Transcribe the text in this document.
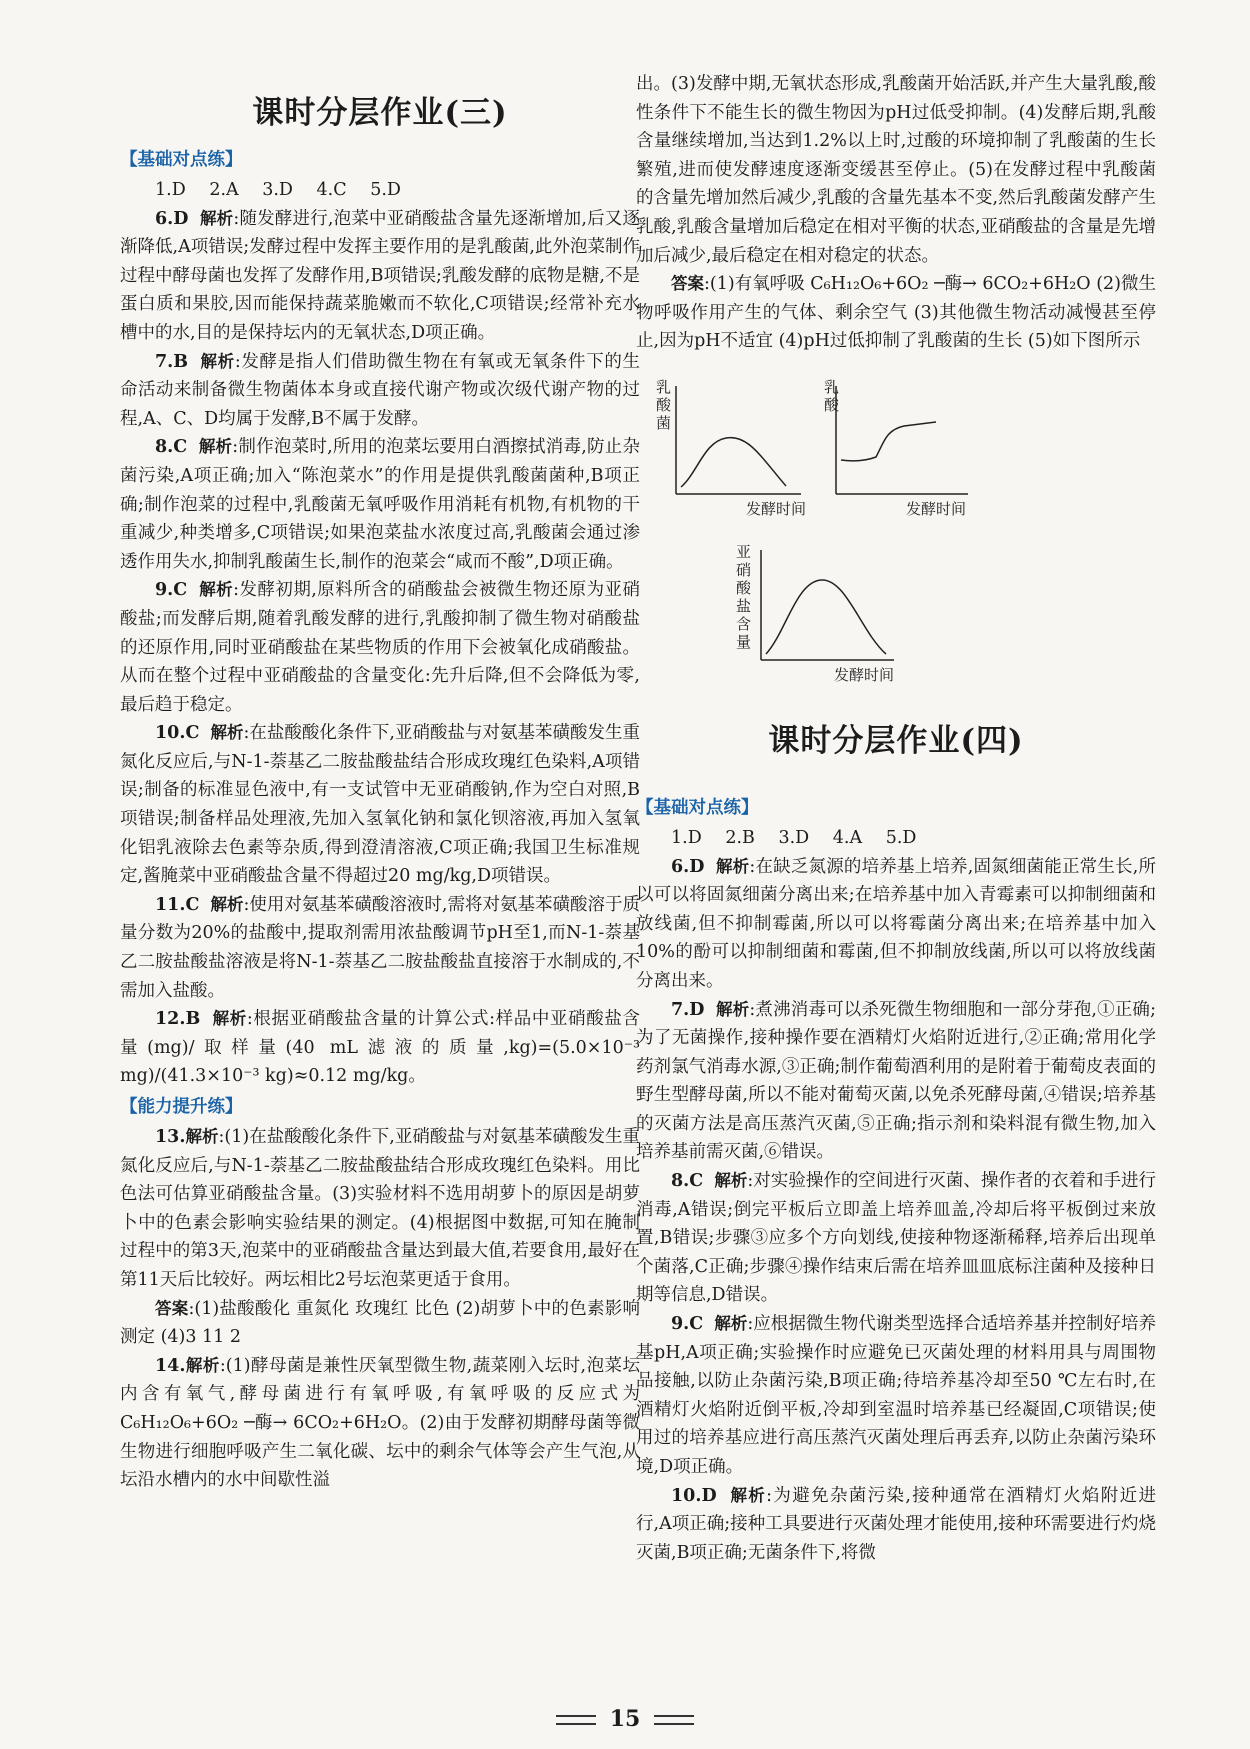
课时分层作业(三)
【基础对点练】

1.D 2.A 3.D 4.C 5.D

6.D 解析:随发酵进行,泡菜中亚硝酸盐含量先逐渐增加,后又逐渐降低,A项错误;发酵过程中发挥主要作用的是乳酸菌,此外泡菜制作过程中酵母菌也发挥了发酵作用,B项错误;乳酸发酵的底物是糖,不是蛋白质和果胶,因而能保持蔬菜脆嫩而不软化,C项错误;经常补充水槽中的水,目的是保持坛内的无氧状态,D项正确。

7.B 解析:发酵是指人们借助微生物在有氧或无氧条件下的生命活动来制备微生物菌体本身或直接代谢产物或次级代谢产物的过程,A、C、D均属于发酵,B不属于发酵。

8.C 解析:制作泡菜时,所用的泡菜坛要用白酒擦拭消毒,防止杂菌污染,A项正确;加入“陈泡菜水”的作用是提供乳酸菌菌种,B项正确;制作泡菜的过程中,乳酸菌无氧呼吸作用消耗有机物,有机物的干重减少,种类增多,C项错误;如果泡菜盐水浓度过高,乳酸菌会通过渗透作用失水,抑制乳酸菌生长,制作的泡菜会“咸而不酸”,D项正确。

9.C 解析:发酵初期,原料所含的硝酸盐会被微生物还原为亚硝酸盐;而发酵后期,随着乳酸发酵的进行,乳酸抑制了微生物对硝酸盐的还原作用,同时亚硝酸盐在某些物质的作用下会被氧化成硝酸盐。从而在整个过程中亚硝酸盐的含量变化:先升后降,但不会降低为零,最后趋于稳定。

10.C 解析:在盐酸酸化条件下,亚硝酸盐与对氨基苯磺酸发生重氮化反应后,与N-1-萘基乙二胺盐酸盐结合形成玫瑰红色染料,A项错误;制备的标准显色液中,有一支试管中无亚硝酸钠,作为空白对照,B项错误;制备样品处理液,先加入氢氧化钠和氯化钡溶液,再加入氢氧化铝乳液除去色素等杂质,得到澄清溶液,C项正确;我国卫生标准规定,酱腌菜中亚硝酸盐含量不得超过20 mg/kg,D项错误。

11.C 解析:使用对氨基苯磺酸溶液时,需将对氨基苯磺酸溶于质量分数为20%的盐酸中,提取剂需用浓盐酸调节pH至1,而N-1-萘基乙二胺盐酸盐溶液是将N-1-萘基乙二胺盐酸盐直接溶于水制成的,不需加入盐酸。

12.B 解析:根据亚硝酸盐含量的计算公式:样品中亚硝酸盐含量(mg)/取样量(40 mL滤液的质量,kg)=(5.0×10⁻³ mg)/(41.3×10⁻³ kg)≈0.12 mg/kg。

【能力提升练】

13.解析:(1)在盐酸酸化条件下,亚硝酸盐与对氨基苯磺酸发生重氮化反应后,与N-1-萘基乙二胺盐酸盐结合形成玫瑰红色染料。用比色法可估算亚硝酸盐含量。(3)实验材料不选用胡萝卜的原因是胡萝卜中的色素会影响实验结果的测定。(4)根据图中数据,可知在腌制过程中的第3天,泡菜中的亚硝酸盐含量达到最大值,若要食用,最好在第11天后比较好。两坛相比2号坛泡菜更适于食用。

答案:(1)盐酸酸化 重氮化 玫瑰红 比色 (2)胡萝卜中的色素影响测定 (4)3 11 2

14.解析:(1)酵母菌是兼性厌氧型微生物,蔬菜刚入坛时,泡菜坛内含有氧气,酵母菌进行有氧呼吸,有氧呼吸的反应式为C₆H₁₂O₆+6O₂ ─酶→ 6CO₂+6H₂O。(2)由于发酵初期酵母菌等微生物进行细胞呼吸产生二氧化碳、坛中的剩余气体等会产生气泡,从坛沿水槽内的水中间歇性溢

出。(3)发酵中期,无氧状态形成,乳酸菌开始活跃,并产生大量乳酸,酸性条件下不能生长的微生物因为pH过低受抑制。(4)发酵后期,乳酸含量继续增加,当达到1.2%以上时,过酸的环境抑制了乳酸菌的生长繁殖,进而使发酵速度逐渐变缓甚至停止。(5)在发酵过程中乳酸菌的含量先增加然后减少,乳酸的含量先基本不变,然后乳酸菌发酵产生乳酸,乳酸含量增加后稳定在相对平衡的状态,亚硝酸盐的含量是先增加后减少,最后稳定在相对稳定的状态。

答案:(1)有氧呼吸 C₆H₁₂O₆+6O₂ ─酶→ 6CO₂+6H₂O (2)微生物呼吸作用产生的气体、剩余空气 (3)其他微生物活动减慢甚至停止,因为pH不适宜 (4)pH过低抑制了乳酸菌的生长 (5)如下图所示

乳
酸
菌
发酵时间
乳
酸
发酵时间
亚
硝
酸
盐
含
量
发酵时间
课时分层作业(四)
【基础对点练】

1.D 2.B 3.D 4.A 5.D

6.D 解析:在缺乏氮源的培养基上培养,固氮细菌能正常生长,所以可以将固氮细菌分离出来;在培养基中加入青霉素可以抑制细菌和放线菌,但不抑制霉菌,所以可以将霉菌分离出来;在培养基中加入10%的酚可以抑制细菌和霉菌,但不抑制放线菌,所以可以将放线菌分离出来。

7.D 解析:煮沸消毒可以杀死微生物细胞和一部分芽孢,①正确;为了无菌操作,接种操作要在酒精灯火焰附近进行,②正确;常用化学药剂氯气消毒水源,③正确;制作葡萄酒利用的是附着于葡萄皮表面的野生型酵母菌,所以不能对葡萄灭菌,以免杀死酵母菌,④错误;培养基的灭菌方法是高压蒸汽灭菌,⑤正确;指示剂和染料混有微生物,加入培养基前需灭菌,⑥错误。

8.C 解析:对实验操作的空间进行灭菌、操作者的衣着和手进行消毒,A错误;倒完平板后立即盖上培养皿盖,冷却后将平板倒过来放置,B错误;步骤③应多个方向划线,使接种物逐渐稀释,培养后出现单个菌落,C正确;步骤④操作结束后需在培养皿皿底标注菌种及接种日期等信息,D错误。

9.C 解析:应根据微生物代谢类型选择合适培养基并控制好培养基pH,A项正确;实验操作时应避免已灭菌处理的材料用具与周围物品接触,以防止杂菌污染,B项正确;待培养基冷却至50 ℃左右时,在酒精灯火焰附近倒平板,冷却到室温时培养基已经凝固,C项错误;使用过的培养基应进行高压蒸汽灭菌处理后再丢弃,以防止杂菌污染环境,D项正确。

10.D 解析:为避免杂菌污染,接种通常在酒精灯火焰附近进行,A项正确;接种工具要进行灭菌处理才能使用,接种环需要进行灼烧灭菌,B项正确;无菌条件下,将微

15
